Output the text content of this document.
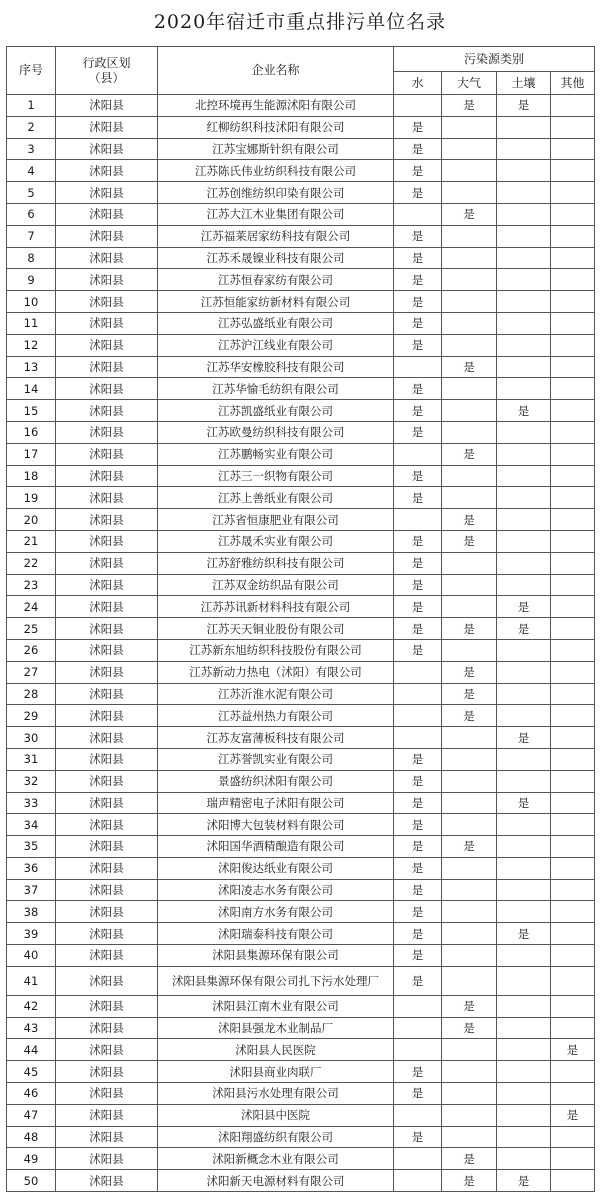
2020年宿迁市重点排污单位名录
序号	行政区划
（县）	企业名称	污染源类别			
			水	大气	土壤	其他
1	沭阳县	北控环境再生能源沭阳有限公司		是	是	
2	沭阳县	红柳纺织科技沭阳有限公司	是			
3	沭阳县	江苏宝娜斯针织有限公司	是			
4	沭阳县	江苏陈氏伟业纺织科技有限公司	是			
5	沭阳县	江苏创维纺织印染有限公司	是			
6	沭阳县	江苏大江木业集团有限公司		是		
7	沭阳县	江苏福莱居家纺科技有限公司	是			
8	沭阳县	江苏禾晟镍业科技有限公司	是			
9	沭阳县	江苏恒春家纺有限公司	是			
10	沭阳县	江苏恒能家纺新材料有限公司	是			
11	沭阳县	江苏弘盛纸业有限公司	是			
12	沭阳县	江苏沪江线业有限公司	是			
13	沭阳县	江苏华安橡胶科技有限公司		是		
14	沭阳县	江苏华愉毛纺织有限公司	是			
15	沭阳县	江苏凯盛纸业有限公司	是		是	
16	沭阳县	江苏欧曼纺织科技有限公司	是			
17	沭阳县	江苏鹏畅实业有限公司		是		
18	沭阳县	江苏三一织物有限公司	是			
19	沭阳县	江苏上善纸业有限公司	是			
20	沭阳县	江苏省恒康肥业有限公司		是		
21	沭阳县	江苏晟禾实业有限公司	是	是		
22	沭阳县	江苏舒雅纺织科技有限公司	是			
23	沭阳县	江苏双金纺织品有限公司	是			
24	沭阳县	江苏苏讯新材料科技有限公司	是		是	
25	沭阳县	江苏天天铜业股份有限公司	是	是	是	
26	沭阳县	江苏新东旭纺织科技股份有限公司	是			
27	沭阳县	江苏新动力热电（沭阳）有限公司		是		
28	沭阳县	江苏沂淮水泥有限公司		是		
29	沭阳县	江苏益州热力有限公司		是		
30	沭阳县	江苏友富薄板科技有限公司			是	
31	沭阳县	江苏誉凯实业有限公司	是			
32	沭阳县	景盛纺织沭阳有限公司	是			
33	沭阳县	瑞声精密电子沭阳有限公司	是		是	
34	沭阳县	沭阳博大包装材料有限公司	是			
35	沭阳县	沭阳国华酒精酿造有限公司	是	是		
36	沭阳县	沭阳俊达纸业有限公司	是			
37	沭阳县	沭阳凌志水务有限公司	是			
38	沭阳县	沭阳南方水务有限公司	是			
39	沭阳县	沭阳瑞泰科技有限公司	是		是	
40	沭阳县	沭阳县集源环保有限公司	是			
41	沭阳县	沭阳县集源环保有限公司扎下污水处理厂	是			
42	沭阳县	沭阳县江南木业有限公司		是		
43	沭阳县	沭阳县强龙木业制品厂		是		
44	沭阳县	沭阳县人民医院				是
45	沭阳县	沭阳县商业肉联厂	是			
46	沭阳县	沭阳县污水处理有限公司	是			
47	沭阳县	沭阳县中医院				是
48	沭阳县	沭阳翔盛纺织有限公司	是			
49	沭阳县	沭阳新概念木业有限公司		是		
50	沭阳县	沭阳新天电源材料有限公司		是	是	
